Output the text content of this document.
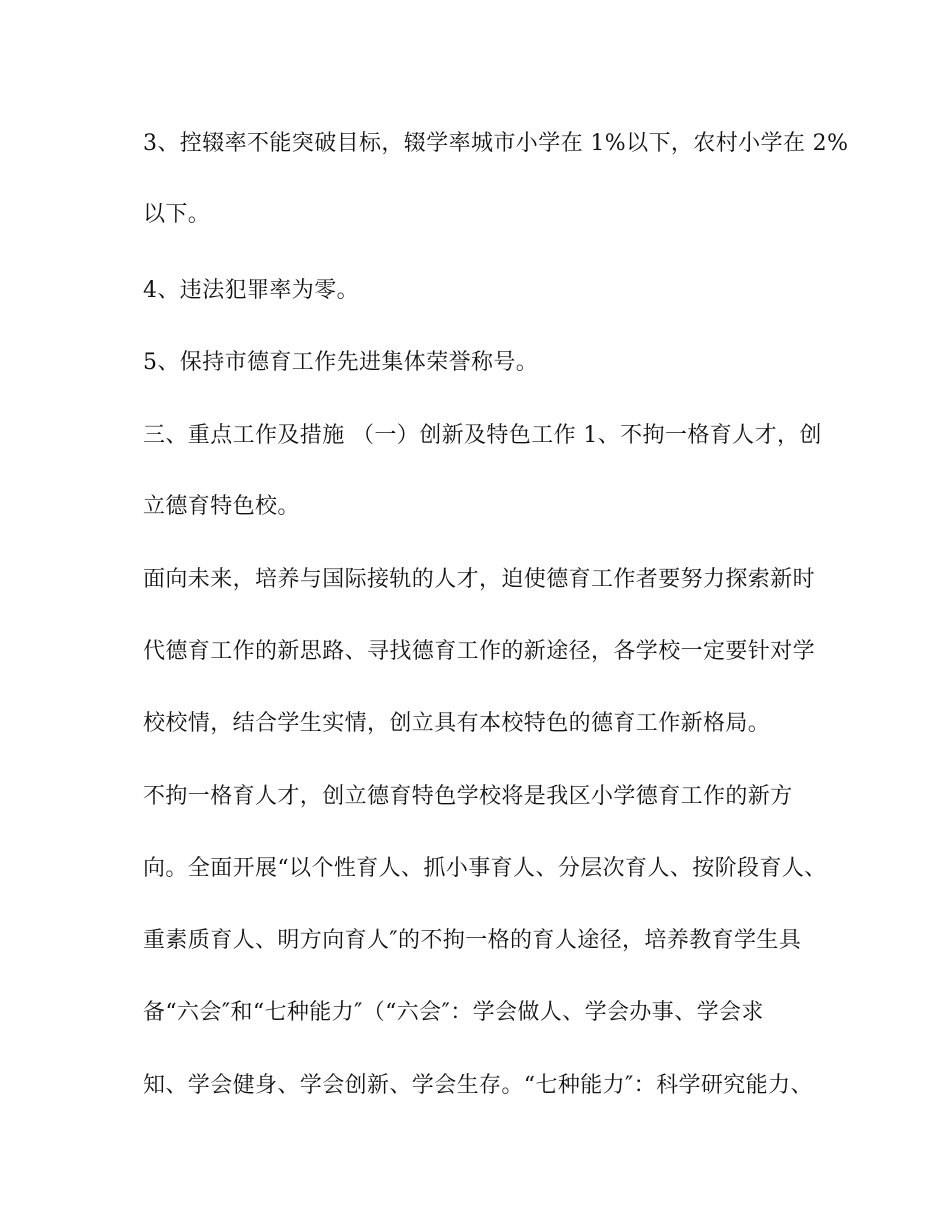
3、控辍率不能突破目标，辍学率城市小学在 1%以下，农村小学在 2%

以下。

4、违法犯罪率为零。

5、保持市德育工作先进集体荣誉称号。

三、重点工作及措施 （一）创新及特色工作 1、不拘一格育人才，创

立德育特色校。

面向未来，培养与国际接轨的人才，迫使德育工作者要努力探索新时

代德育工作的新思路、寻找德育工作的新途径，各学校一定要针对学

校校情，结合学生实情，创立具有本校特色的德育工作新格局。

不拘一格育人才，创立德育特色学校将是我区小学德育工作的新方

向。全面开展“以个性育人、抓小事育人、分层次育人、按阶段育人、

重素质育人、明方向育人″的不拘一格的育人途径，培养教育学生具

备“六会″和“七种能力″（“六会″：学会做人、学会办事、学会求

知、学会健身、学会创新、学会生存。“七种能力″：科学研究能力、
